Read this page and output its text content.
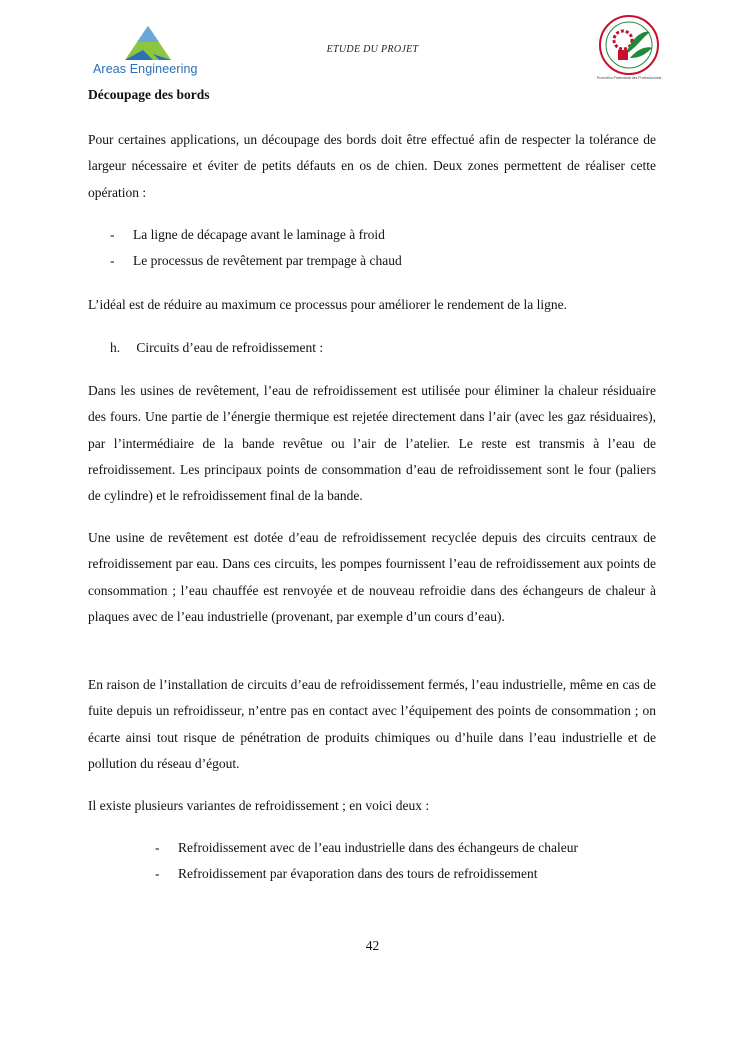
Areas Engineering
ETUDE DU PROJET
Promotion Partenariat des Professionnels
Découpage des bords

Pour certaines applications, un découpage des bords doit être effectué afin de respecter la tolérance de largeur nécessaire et éviter de petits défauts en os de chien. Deux zones permettent de réaliser cette opération :

-	La ligne de décapage avant le laminage à froid
-	Le processus de revêtement par trempage à chaud

L’idéal est de réduire au maximum ce processus pour améliorer le rendement de la ligne.

h. Circuits d’eau de refroidissement :

Dans les usines de revêtement, l’eau de refroidissement est utilisée pour éliminer la chaleur résiduaire des fours. Une partie de l’énergie thermique est rejetée directement dans l’air (avec les gaz résiduaires), par l’intermédiaire de la bande revêtue ou l’air de l’atelier. Le reste est transmis à l’eau de refroidissement. Les principaux points de consommation d’eau de refroidissement sont le four (paliers de cylindre) et le refroidissement final de la bande.

Une usine de revêtement est dotée d’eau de refroidissement recyclée depuis des circuits centraux de refroidissement par eau. Dans ces circuits, les pompes fournissent l’eau de refroidissement aux points de consommation ; l’eau chauffée est renvoyée et de nouveau refroidie dans des échangeurs de chaleur à plaques avec de l’eau industrielle (provenant, par exemple d’un cours d’eau).

En raison de l’installation de circuits d’eau de refroidissement fermés, l’eau industrielle, même en cas de fuite depuis un refroidisseur, n’entre pas en contact avec l’équipement des points de consommation ; on écarte ainsi tout risque de pénétration de produits chimiques ou d’huile dans l’eau industrielle et de pollution du réseau d’égout.

Il existe plusieurs variantes de refroidissement ; en voici deux :

-	Refroidissement avec de l’eau industrielle dans des échangeurs de chaleur
-	Refroidissement par évaporation dans des tours de refroidissement
42
